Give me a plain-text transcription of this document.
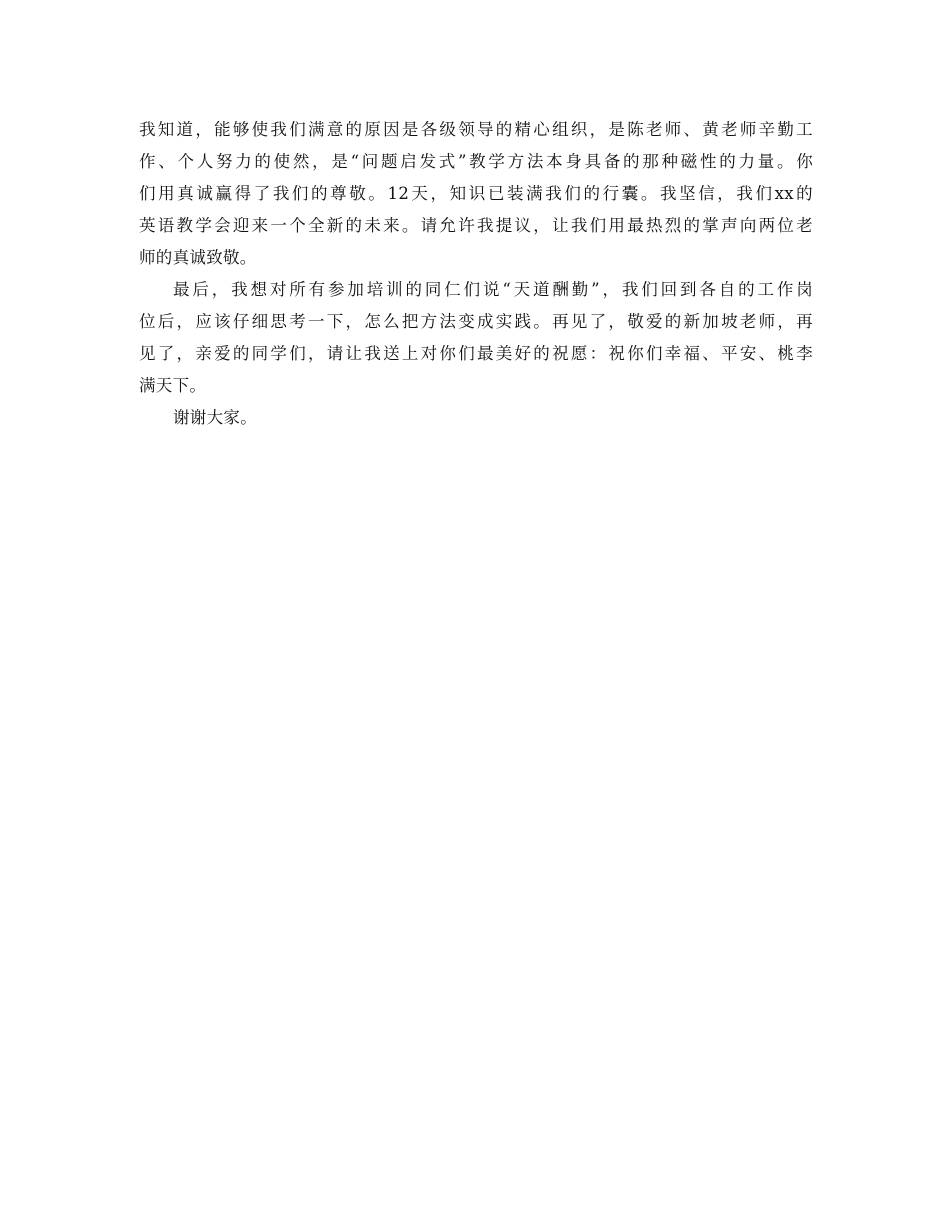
我知道，能够使我们满意的原因是各级领导的精心组织，是陈老师、黄老师辛勤工
作、个人努力的使然，是“问题启发式”教学方法本身具备的那种磁性的力量。你
们用真诚赢得了我们的尊敬。12天，知识已装满我们的行囊。我坚信，我们xx的
英语教学会迎来一个全新的未来。请允许我提议，让我们用最热烈的掌声向两位老
师的真诚致敬。
最后，我想对所有参加培训的同仁们说“天道酬勤”，我们回到各自的工作岗
位后，应该仔细思考一下，怎么把方法变成实践。再见了，敬爱的新加坡老师，再
见了，亲爱的同学们，请让我送上对你们最美好的祝愿：祝你们幸福、平安、桃李
满天下。
谢谢大家。
